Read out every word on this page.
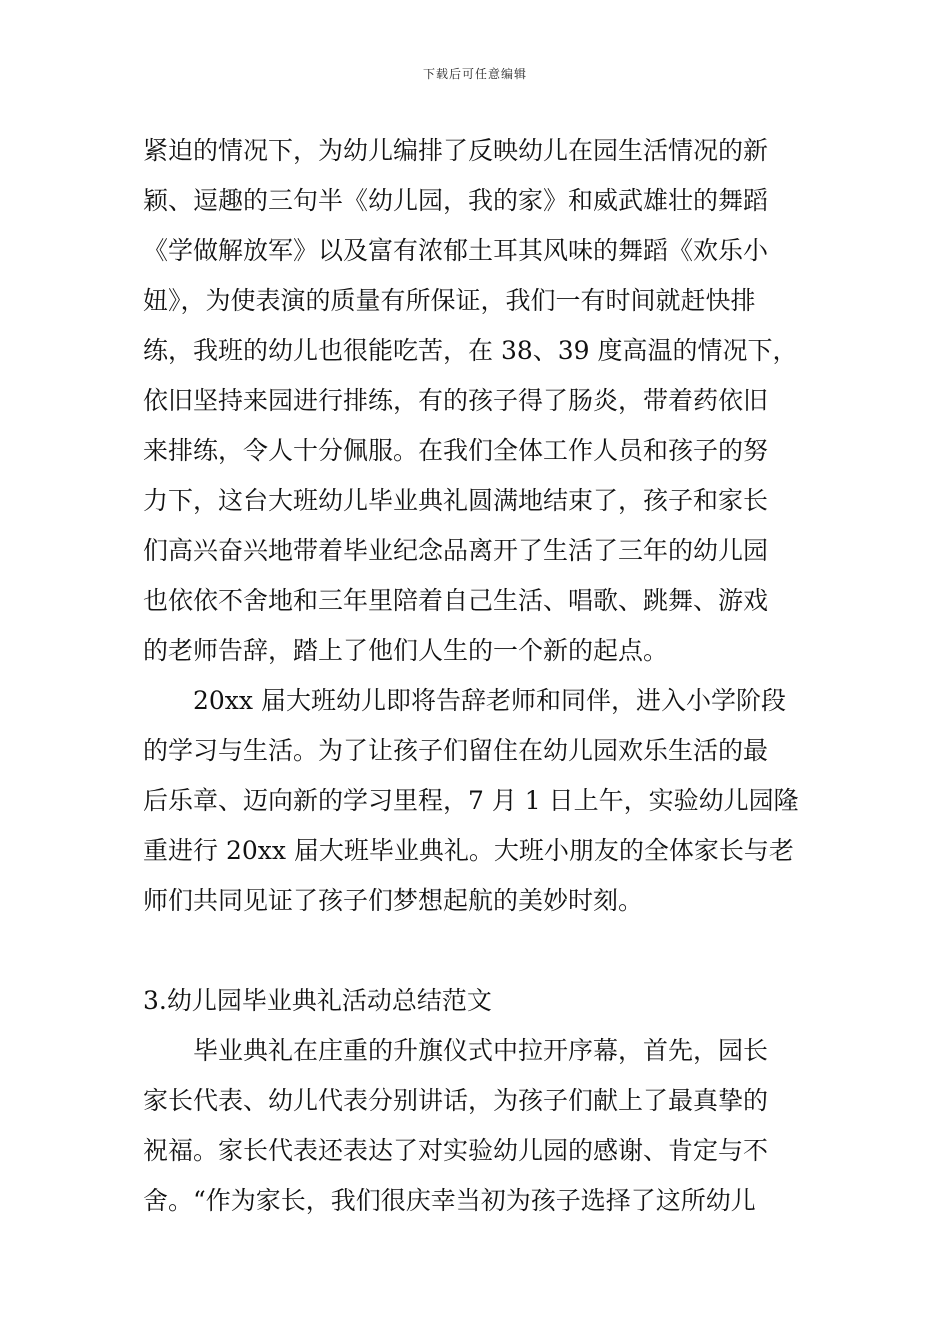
下载后可任意编辑
紧迫的情况下，为幼儿编排了反映幼儿在园生活情况的新
颖、逗趣的三句半《幼儿园，我的家》和威武雄壮的舞蹈
《学做解放军》以及富有浓郁土耳其风味的舞蹈《欢乐小
妞》，为使表演的质量有所保证，我们一有时间就赶快排
练，我班的幼儿也很能吃苦，在 38、39 度高温的情况下，
依旧坚持来园进行排练，有的孩子得了肠炎，带着药依旧
来排练，令人十分佩服。在我们全体工作人员和孩子的努
力下，这台大班幼儿毕业典礼圆满地结束了，孩子和家长
们高兴奋兴地带着毕业纪念品离开了生活了三年的幼儿园
也依依不舍地和三年里陪着自己生活、唱歌、跳舞、游戏
的老师告辞，踏上了他们人生的一个新的起点。
20xx 届大班幼儿即将告辞老师和同伴，进入小学阶段
的学习与生活。为了让孩子们留住在幼儿园欢乐生活的最
后乐章、迈向新的学习里程，7 月 1 日上午，实验幼儿园隆
重进行 20xx 届大班毕业典礼。大班小朋友的全体家长与老
师们共同见证了孩子们梦想起航的美妙时刻。
3.幼儿园毕业典礼活动总结范文
毕业典礼在庄重的升旗仪式中拉开序幕，首先，园长
家长代表、幼儿代表分别讲话，为孩子们献上了最真挚的
祝福。家长代表还表达了对实验幼儿园的感谢、肯定与不
舍。“作为家长，我们很庆幸当初为孩子选择了这所幼儿
